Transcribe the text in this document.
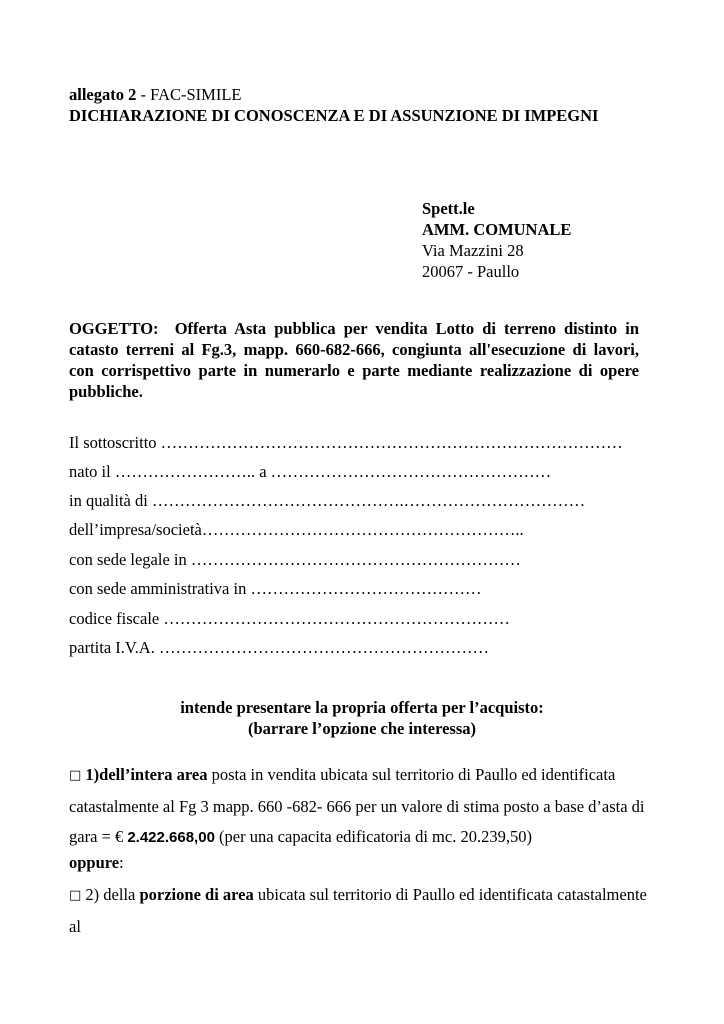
allegato 2 - FAC-SIMILE
DICHIARAZIONE DI CONOSCENZA E DI ASSUNZIONE DI IMPEGNI
Spett.le
AMM. COMUNALE
Via Mazzini 28
20067 - Paullo
OGGETTO: Offerta Asta pubblica per vendita Lotto di terreno distinto in catasto terreni al Fg.3, mapp. 660-682-666, congiunta all'esecuzione di lavori, con corrispettivo parte in numerarlo e parte mediante realizzazione di opere pubbliche.
Il sottoscritto …………………………………………………………………………
nato il …………………….. a ……………………………………………
in qualità di ……………………………………….……………………………
dell’impresa/società…………………………………………………..
con sede legale in ……………………………………………………
con sede amministrativa in ……………………………………
codice fiscale ………………………………………………………
partita I.V.A. ……………………………………………………
intende presentare la propria offerta per l’acquisto:
(barrare l’opzione che interessa)
□ 1)dell’intera area posta in vendita ubicata sul territorio di Paullo ed identificata catastalmente al Fg 3 mapp. 660 -682- 666 per un valore di stima posto a base d’asta di gara = € 2.422.668,00 (per una capacita edificatoria di mc. 20.239,50)
oppure:
□ 2) della porzione di area ubicata sul territorio di Paullo ed identificata catastalmente al
